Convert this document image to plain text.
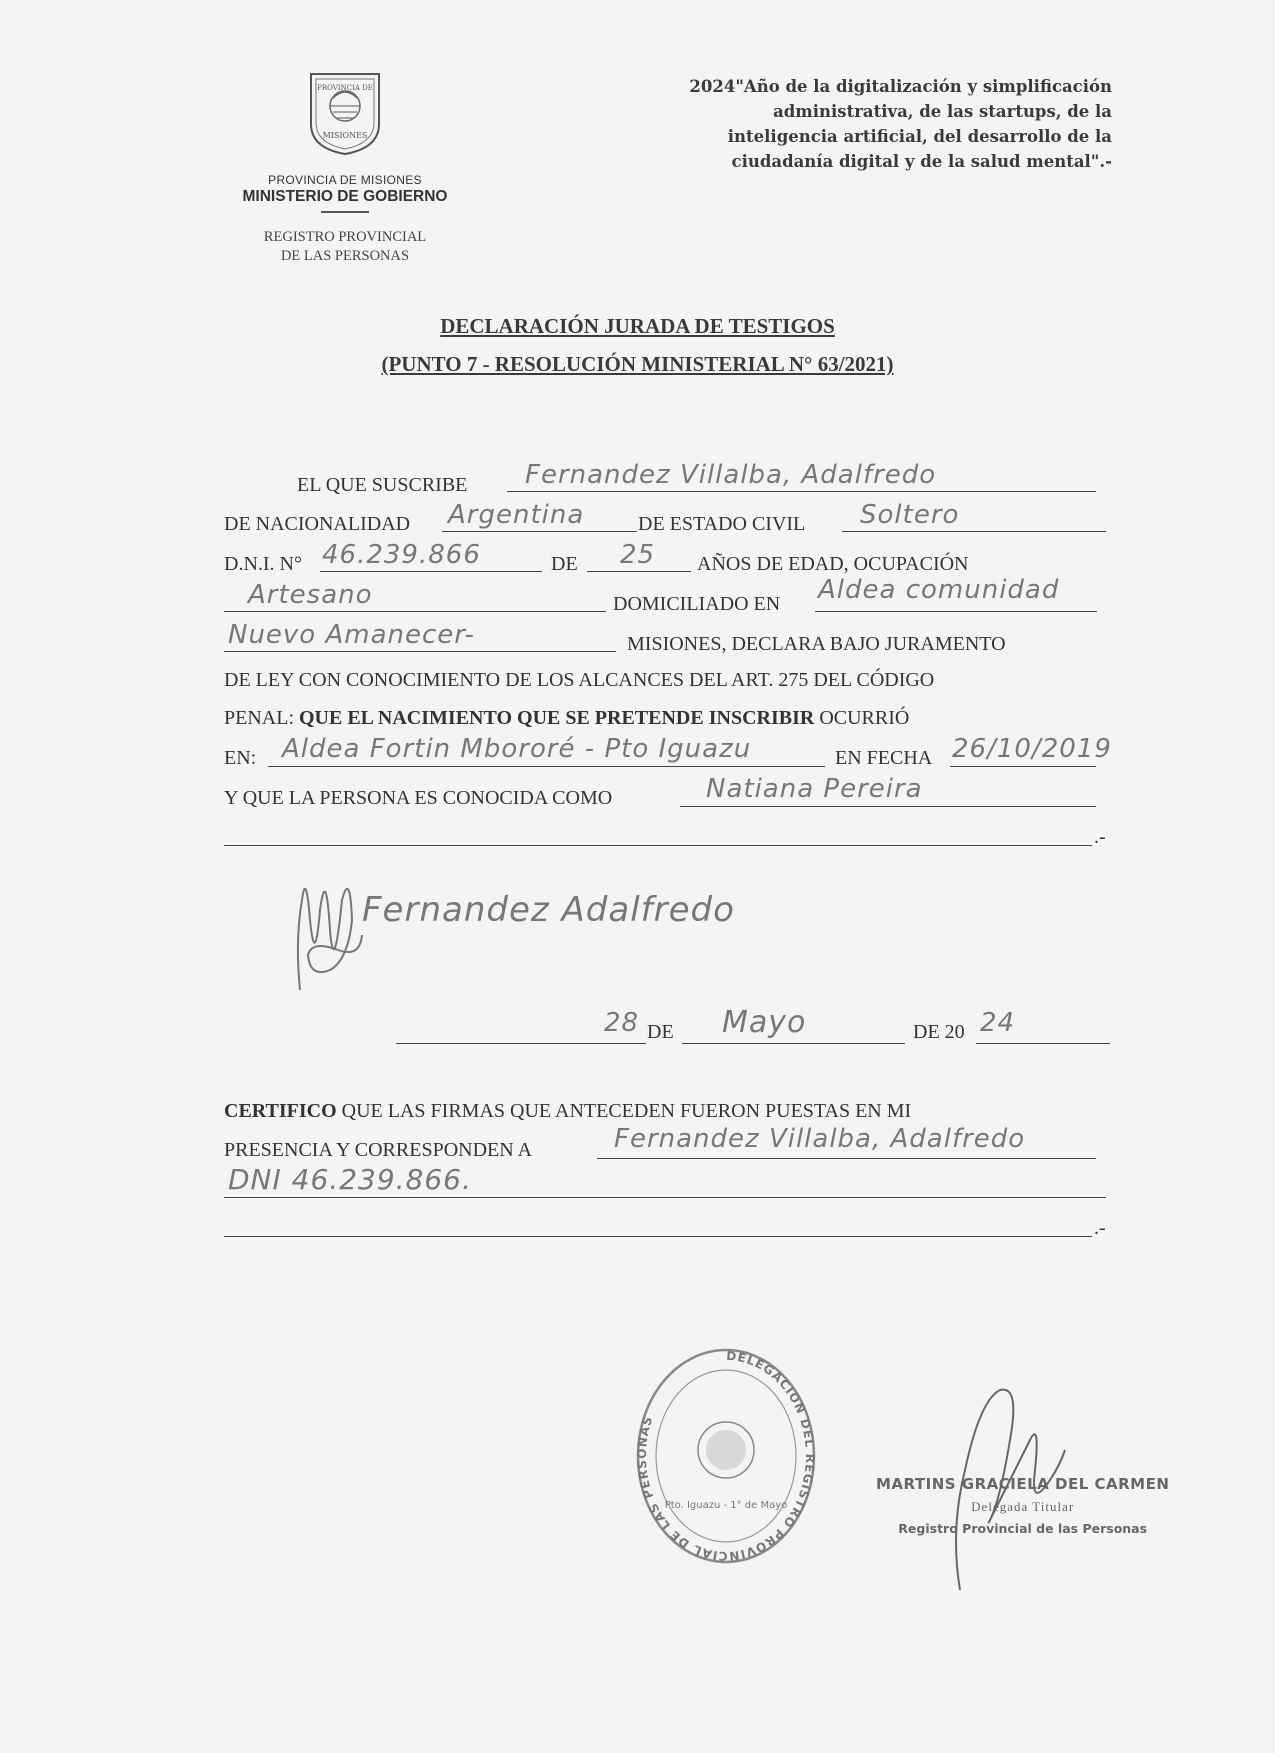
PROVINCIA DE
MISIONES
PROVINCIA DE MISIONES
MINISTERIO DE GOBIERNO
REGISTRO PROVINCIAL
DE LAS PERSONAS
2024"Año de la digitalización y simplificación
administrativa, de las startups, de la
inteligencia artificial, del desarrollo de la
ciudadanía digital y de la salud mental".-
DECLARACIÓN JURADA DE TESTIGOS
(PUNTO 7 - RESOLUCIÓN MINISTERIAL N° 63/2021)
EL QUE SUSCRIBE Fernandez Villalba, Adalfredo
DE NACIONALIDAD Argentina	DE ESTADO CIVIL Soltero
D.N.I. N° 46.239.866	DE 25 AÑOS DE EDAD, OCUPACIÓN
Artesano	DOMICILIADO EN Aldea comunidad
Nuevo Amanecer-	MISIONES, DECLARA BAJO JURAMENTO
DE LEY CON CONOCIMIENTO DE LOS ALCANCES DEL ART. 275 DEL CÓDIGO
PENAL: QUE EL NACIMIENTO QUE SE PRETENDE INSCRIBIR OCURRIÓ
EN: Aldea Fortin Mbororé - Pto Iguazu	EN FECHA 26/10/2019
Y QUE LA PERSONA ES CONOCIDA COMO	Natiana Pereira
.-
Fernandez Adalfredo
28 DE Mayo	DE 20 24
CERTIFICO QUE LAS FIRMAS QUE ANTECEDEN FUERON PUESTAS EN MI
PRESENCIA Y CORRESPONDEN A	Fernandez Villalba, Adalfredo
DNI 46.239.866.
.-
DELEGACION DEL REGISTRO PROVINCIAL DE LAS PERSONAS
Pto. Iguazu - 1° de Mayo
MARTINS GRACIELA DEL CARMEN
Delegada Titular
Registro Provincial de las Personas
